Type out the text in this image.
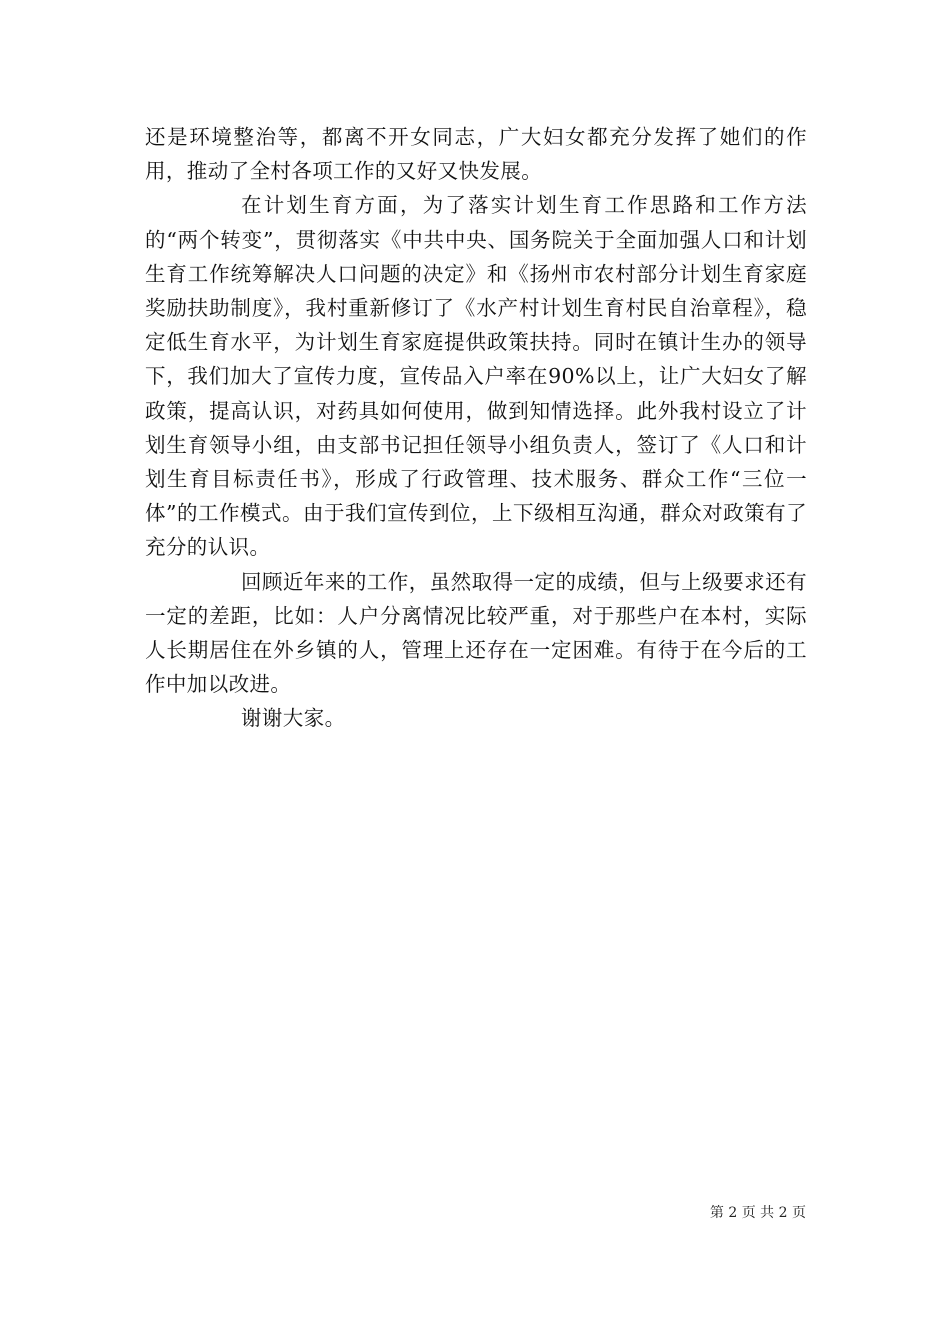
还是环境整治等，都离不开女同志，广大妇女都充分发挥了她们的作用，推动了全村各项工作的又好又快发展。

在计划生育方面，为了落实计划生育工作思路和工作方法的“两个转变”，贯彻落实《中共中央、国务院关于全面加强人口和计划生育工作统筹解决人口问题的决定》和《扬州市农村部分计划生育家庭奖励扶助制度》，我村重新修订了《水产村计划生育村民自治章程》，稳定低生育水平，为计划生育家庭提供政策扶持。同时在镇计生办的领导下，我们加大了宣传力度，宣传品入户率在90%以上，让广大妇女了解政策，提高认识，对药具如何使用，做到知情选择。此外我村设立了计划生育领导小组，由支部书记担任领导小组负责人，签订了《人口和计划生育目标责任书》，形成了行政管理、技术服务、群众工作“三位一体”的工作模式。由于我们宣传到位，上下级相互沟通，群众对政策有了充分的认识。

回顾近年来的工作，虽然取得一定的成绩，但与上级要求还有一定的差距，比如：人户分离情况比较严重，对于那些户在本村，实际人长期居住在外乡镇的人，管理上还存在一定困难。有待于在今后的工作中加以改进。

谢谢大家。

第 2 页 共 2 页
